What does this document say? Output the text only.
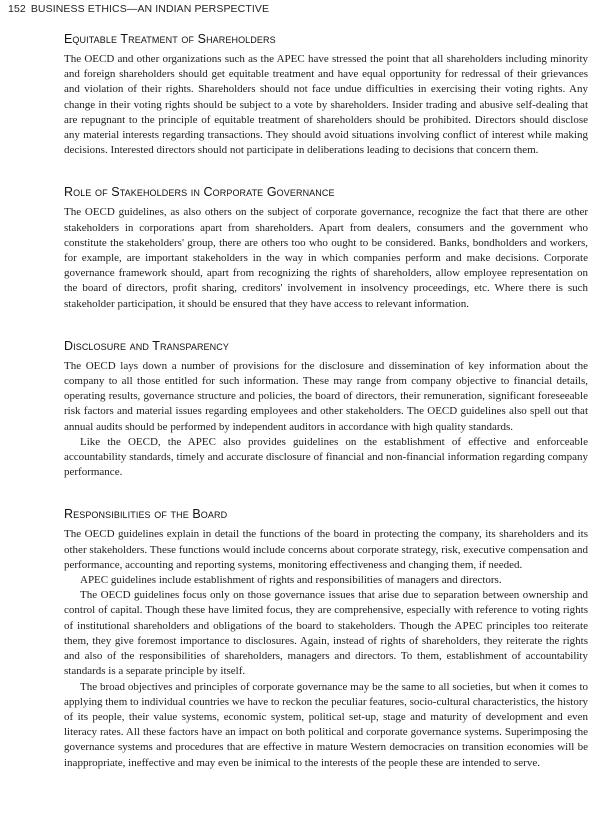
152 BUSINESS ETHICS—AN INDIAN PERSPECTIVE
Equitable Treatment of Shareholders

The OECD and other organizations such as the APEC have stressed the point that all shareholders including minority and foreign shareholders should get equitable treatment and have equal opportunity for redressal of their grievances and violation of their rights. Shareholders should not face undue difficulties in exercising their voting rights. Any change in their voting rights should be subject to a vote by shareholders. Insider trading and abusive self-dealing that are repugnant to the principle of equitable treatment of shareholders should be prohibited. Directors should disclose any material interests regarding transactions. They should avoid situations involving conflict of interest while making decisions. Interested directors should not participate in deliberations leading to decisions that concern them.

Role of Stakeholders in Corporate Governance

The OECD guidelines, as also others on the subject of corporate governance, recognize the fact that there are other stakeholders in corporations apart from shareholders. Apart from dealers, consumers and the government who constitute the stakeholders' group, there are others too who ought to be considered. Banks, bondholders and workers, for example, are important stakeholders in the way in which companies perform and make decisions. Corporate governance framework should, apart from recognizing the rights of shareholders, allow employee representation on the board of directors, profit sharing, creditors' involvement in insolvency proceedings, etc. Where there is such stakeholder participation, it should be ensured that they have access to relevant information.

Disclosure and Transparency

The OECD lays down a number of provisions for the disclosure and dissemination of key information about the company to all those entitled for such information. These may range from company objective to financial details, operating results, governance structure and policies, the board of directors, their remuneration, significant foreseeable risk factors and material issues regarding employees and other stakeholders. The OECD guidelines also spell out that annual audits should be performed by independent auditors in accordance with high quality standards.

Like the OECD, the APEC also provides guidelines on the establishment of effective and enforceable accountability standards, timely and accurate disclosure of financial and non-financial information regarding company performance.

Responsibilities of the Board

The OECD guidelines explain in detail the functions of the board in protecting the company, its shareholders and its other stakeholders. These functions would include concerns about corporate strategy, risk, executive compensation and performance, accounting and reporting systems, monitoring effectiveness and changing them, if needed.

APEC guidelines include establishment of rights and responsibilities of managers and directors.

The OECD guidelines focus only on those governance issues that arise due to separation between ownership and control of capital. Though these have limited focus, they are comprehensive, especially with reference to voting rights of institutional shareholders and obligations of the board to stakeholders. Though the APEC principles too reiterate them, they give foremost importance to disclosures. Again, instead of rights of shareholders, they reiterate the rights and also of the responsibilities of shareholders, managers and directors. To them, establishment of accountability standards is a separate principle by itself.

The broad objectives and principles of corporate governance may be the same to all societies, but when it comes to applying them to individual countries we have to reckon the peculiar features, socio-cultural characteristics, the history of its people, their value systems, economic system, political set-up, stage and maturity of development and even literacy rates. All these factors have an impact on both political and corporate governance systems. Superimposing the governance systems and procedures that are effective in mature Western democracies on transition economies will be inappropriate, ineffective and may even be inimical to the interests of the people these are intended to serve.
